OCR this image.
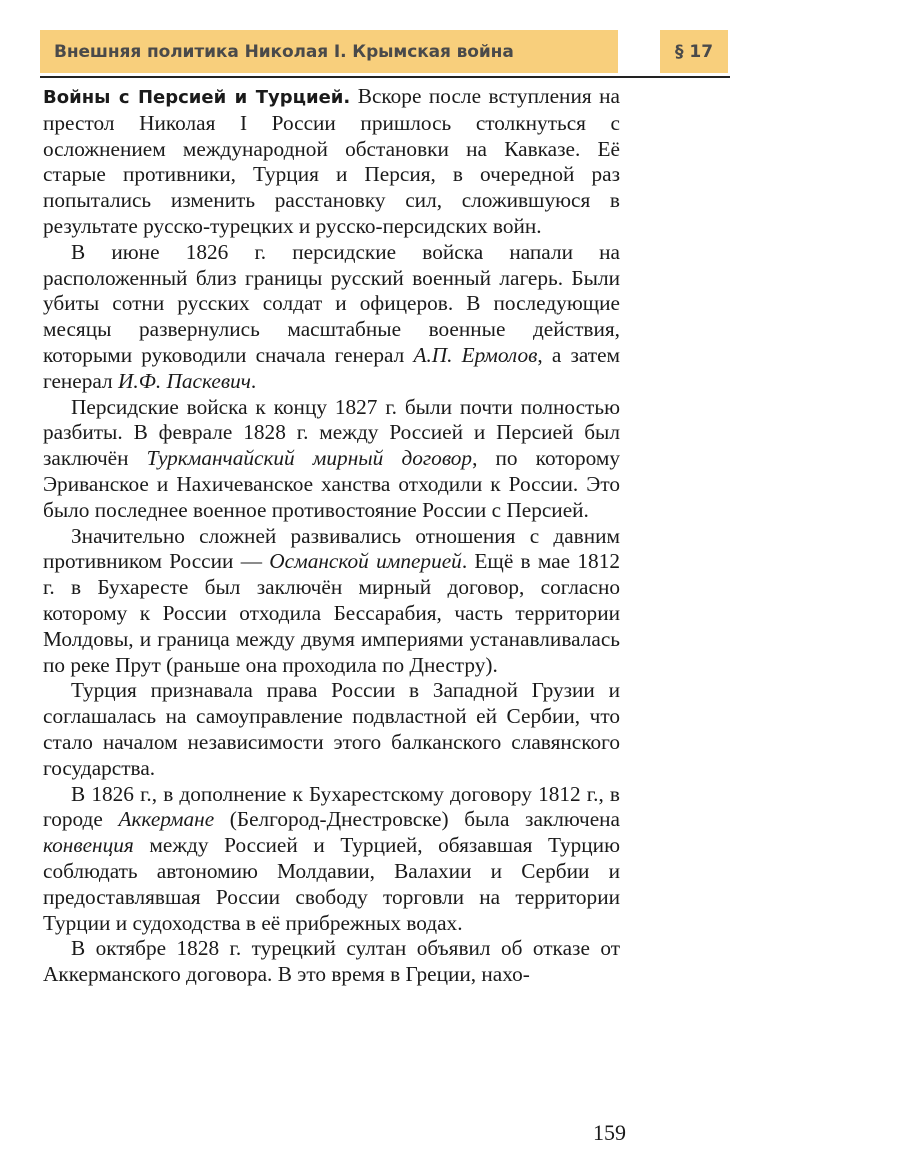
Внешняя политика Николая I. Крымская война	§ 17

Войны с Персией и Турцией. Вскоре после вступления на престол Николая I России пришлось столкнуться с осложнением международной обстановки на Кавказе. Её старые противники, Турция и Персия, в очередной раз попытались изменить расстановку сил, сложившуюся в результате русско-турецких и русско-персидских войн.

В июне 1826 г. персидские войска напали на расположенный близ границы русский военный лагерь. Были убиты сотни русских солдат и офицеров. В последующие месяцы развернулись масштабные военные действия, которыми руководили сначала генерал А.П. Ермолов, а затем генерал И.Ф. Паскевич.

Персидские войска к концу 1827 г. были почти полностью разбиты. В феврале 1828 г. между Россией и Персией был заключён Туркманчайский мирный договор, по которому Эриванское и Нахичеванское ханства отходили к России. Это было последнее военное противостояние России с Персией.

Значительно сложней развивались отношения с давним противником России — Османской империей. Ещё в мае 1812 г. в Бухаресте был заключён мирный договор, согласно которому к России отходила Бессарабия, часть территории Молдовы, и граница между двумя империями устанавливалась по реке Прут (раньше она проходила по Днестру).

Турция признавала права России в Западной Грузии и соглашалась на самоуправление подвластной ей Сербии, что стало началом независимости этого балканского славянского государства.

В 1826 г., в дополнение к Бухарестскому договору 1812 г., в городе Аккермане (Белгород-Днестровске) была заключена конвенция между Россией и Турцией, обязавшая Турцию соблюдать автономию Молдавии, Валахии и Сербии и предоставлявшая России свободу торговли на территории Турции и судоходства в её прибрежных водах.

В октябре 1828 г. турецкий султан объявил об отказе от Аккерманского договора. В это время в Греции, нахо-

159
